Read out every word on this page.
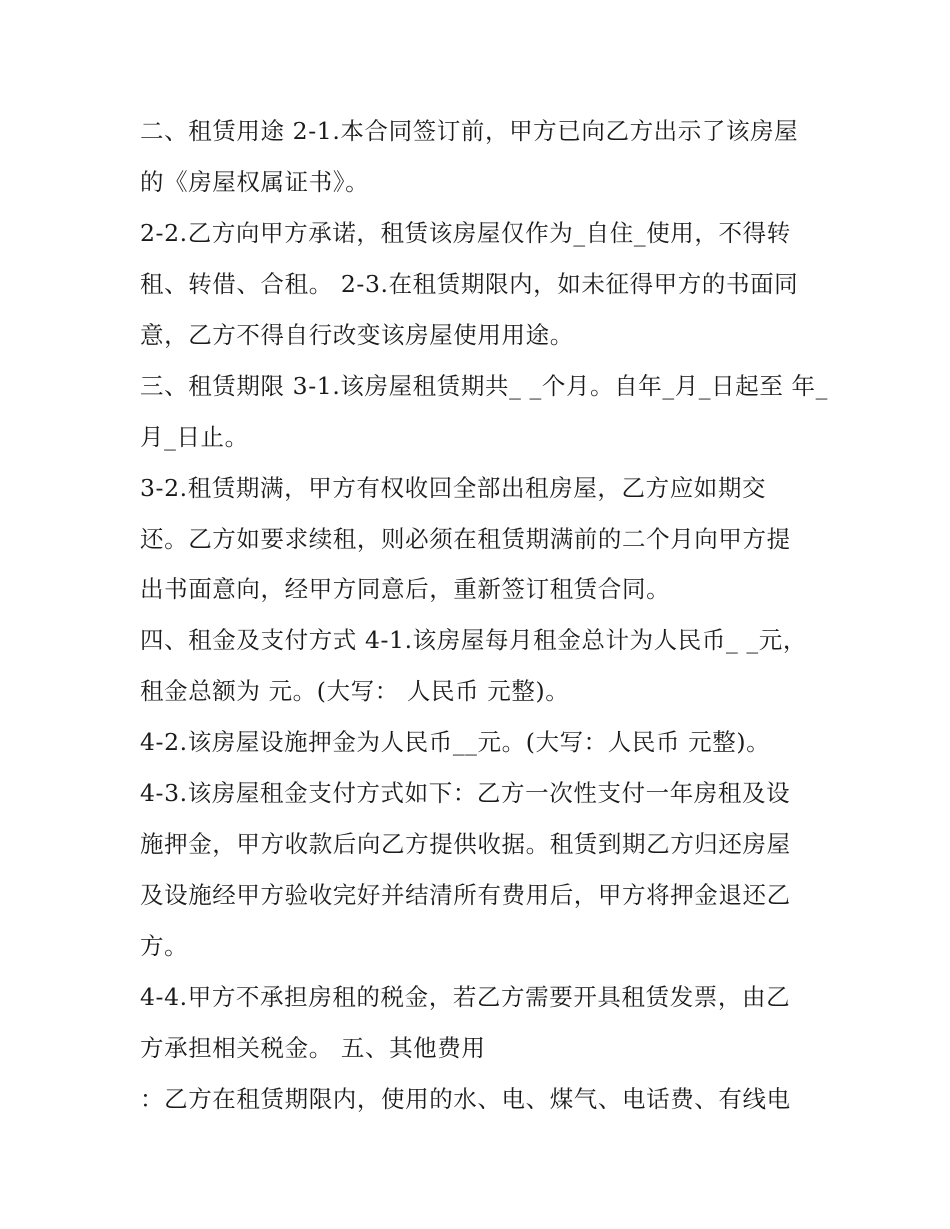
二、租赁用途 2-1.本合同签订前，甲方已向乙方出示了该房屋
的《房屋权属证书》。
2-2.乙方向甲方承诺，租赁该房屋仅作为_自住_使用，不得转
租、转借、合租。 2-3.在租赁期限内，如未征得甲方的书面同
意，乙方不得自行改变该房屋使用用途。
三、租赁期限 3-1.该房屋租赁期共_ _个月。自年_月_日起至 年_
月_日止。
3-2.租赁期满，甲方有权收回全部出租房屋，乙方应如期交
还。乙方如要求续租，则必须在租赁期满前的二个月向甲方提
出书面意向，经甲方同意后，重新签订租赁合同。
四、租金及支付方式 4-1.该房屋每月租金总计为人民币_ _元，
租金总额为 元。(大写： 人民币 元整)。
4-2.该房屋设施押金为人民币__元。(大写：人民币 元整)。
4-3.该房屋租金支付方式如下：乙方一次性支付一年房租及设
施押金，甲方收款后向乙方提供收据。租赁到期乙方归还房屋
及设施经甲方验收完好并结清所有费用后，甲方将押金退还乙
方。
4-4.甲方不承担房租的税金，若乙方需要开具租赁发票，由乙
方承担相关税金。 五、其他费用
：乙方在租赁期限内，使用的水、电、煤气、电话费、有线电
